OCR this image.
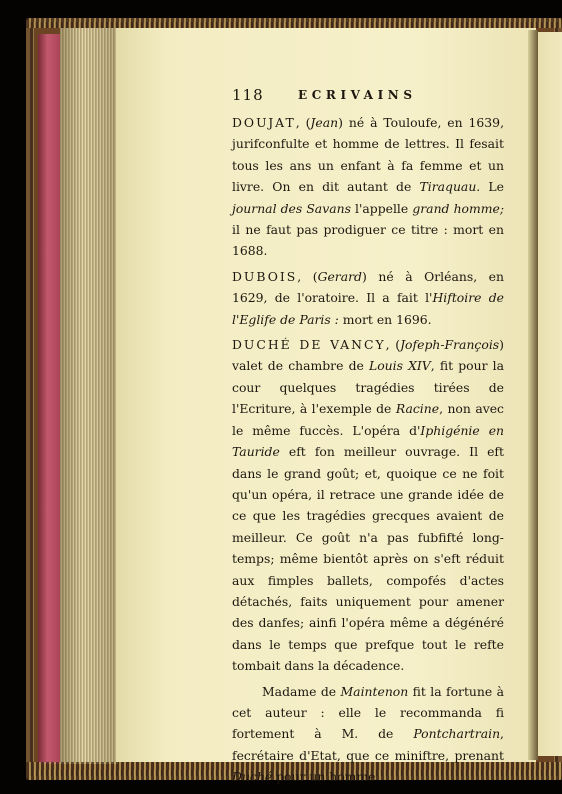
118	ECRIVAINS

DOUJAT, (Jean) né à Touloufe, en 1639, jurifconfulte et homme de lettres. Il fesait tous les ans un enfant à fa femme et un livre. On en dit autant de Tiraquau. Le journal des Savans l'appelle grand homme; il ne faut pas prodiguer ce titre : mort en 1688.

DUBOIS, (Gerard) né à Orléans, en 1629, de l'oratoire. Il a fait l'Hiftoire de l'Eglife de Paris : mort en 1696.

DUCHÉ DE VANCY, (Jofeph-François) valet de chambre de Louis XIV, fit pour la cour quelques tragédies tirées de l'Ecriture, à l'exemple de Racine, non avec le même fuccès. L'opéra d'Iphigénie en Tauride eft fon meilleur ouvrage. Il eft dans le grand goût; et, quoique ce ne foit qu'un opéra, il retrace une grande idée de ce que les tragédies grecques avaient de meilleur. Ce goût n'a pas fubfifté long-temps; même bientôt après on s'eft réduit aux fimples ballets, compofés d'actes détachés, faits uniquement pour amener des danfes; ainfi l'opéra même a dégénéré dans le temps que prefque tout le refte tombait dans la décadence.

Madame de Maintenon fit la fortune à cet auteur : elle le recommanda fi fortement à M. de Pontchartrain, fecrétaire d'Etat, que ce miniftre, prenant Duché pour un homme
